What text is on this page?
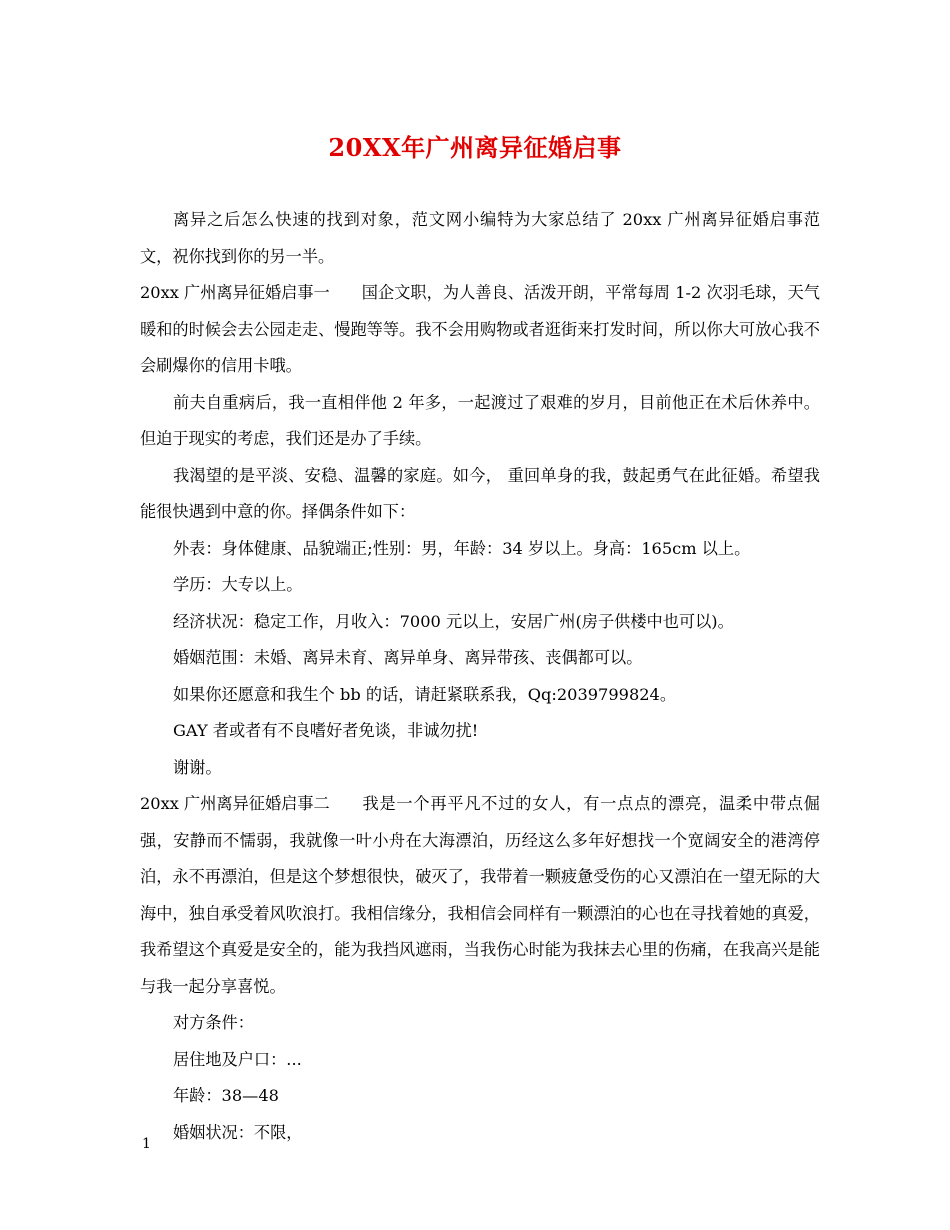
20XX年广州离异征婚启事

离异之后怎么快速的找到对象，范文网小编特为大家总结了 20xx 广州离异征婚启事范文，祝你找到你的另一半。

20xx 广州离异征婚启事一 国企文职，为人善良、活泼开朗，平常每周 1-2 次羽毛球，天气暖和的时候会去公园走走、慢跑等等。我不会用购物或者逛街来打发时间，所以你大可放心我不会刷爆你的信用卡哦。

前夫自重病后，我一直相伴他 2 年多，一起渡过了艰难的岁月，目前他正在术后休养中。但迫于现实的考虑，我们还是办了手续。

我渴望的是平淡、安稳、温馨的家庭。如今， 重回单身的我，鼓起勇气在此征婚。希望我能很快遇到中意的你。择偶条件如下：

外表：身体健康、品貌端正;性别：男，年龄：34 岁以上。身高：165cm 以上。

学历：大专以上。

经济状况：稳定工作，月收入：7000 元以上，安居广州(房子供楼中也可以)。

婚姻范围：未婚、离异未育、离异单身、离异带孩、丧偶都可以。

如果你还愿意和我生个 bb 的话，请赶紧联系我，Qq:2039799824。

GAY 者或者有不良嗜好者免谈，非诚勿扰!

谢谢。

20xx 广州离异征婚启事二 我是一个再平凡不过的女人，有一点点的漂亮，温柔中带点倔强，安静而不懦弱，我就像一叶小舟在大海漂泊，历经这么多年好想找一个宽阔安全的港湾停泊，永不再漂泊，但是这个梦想很快，破灭了，我带着一颗疲惫受伤的心又漂泊在一望无际的大海中，独自承受着风吹浪打。我相信缘分，我相信会同样有一颗漂泊的心也在寻找着她的真爱，我希望这个真爱是安全的，能为我挡风遮雨，当我伤心时能为我抹去心里的伤痛，在我高兴是能与我一起分享喜悦。

对方条件：

居住地及户口：...

年龄：38—48

婚姻状况：不限，

1
